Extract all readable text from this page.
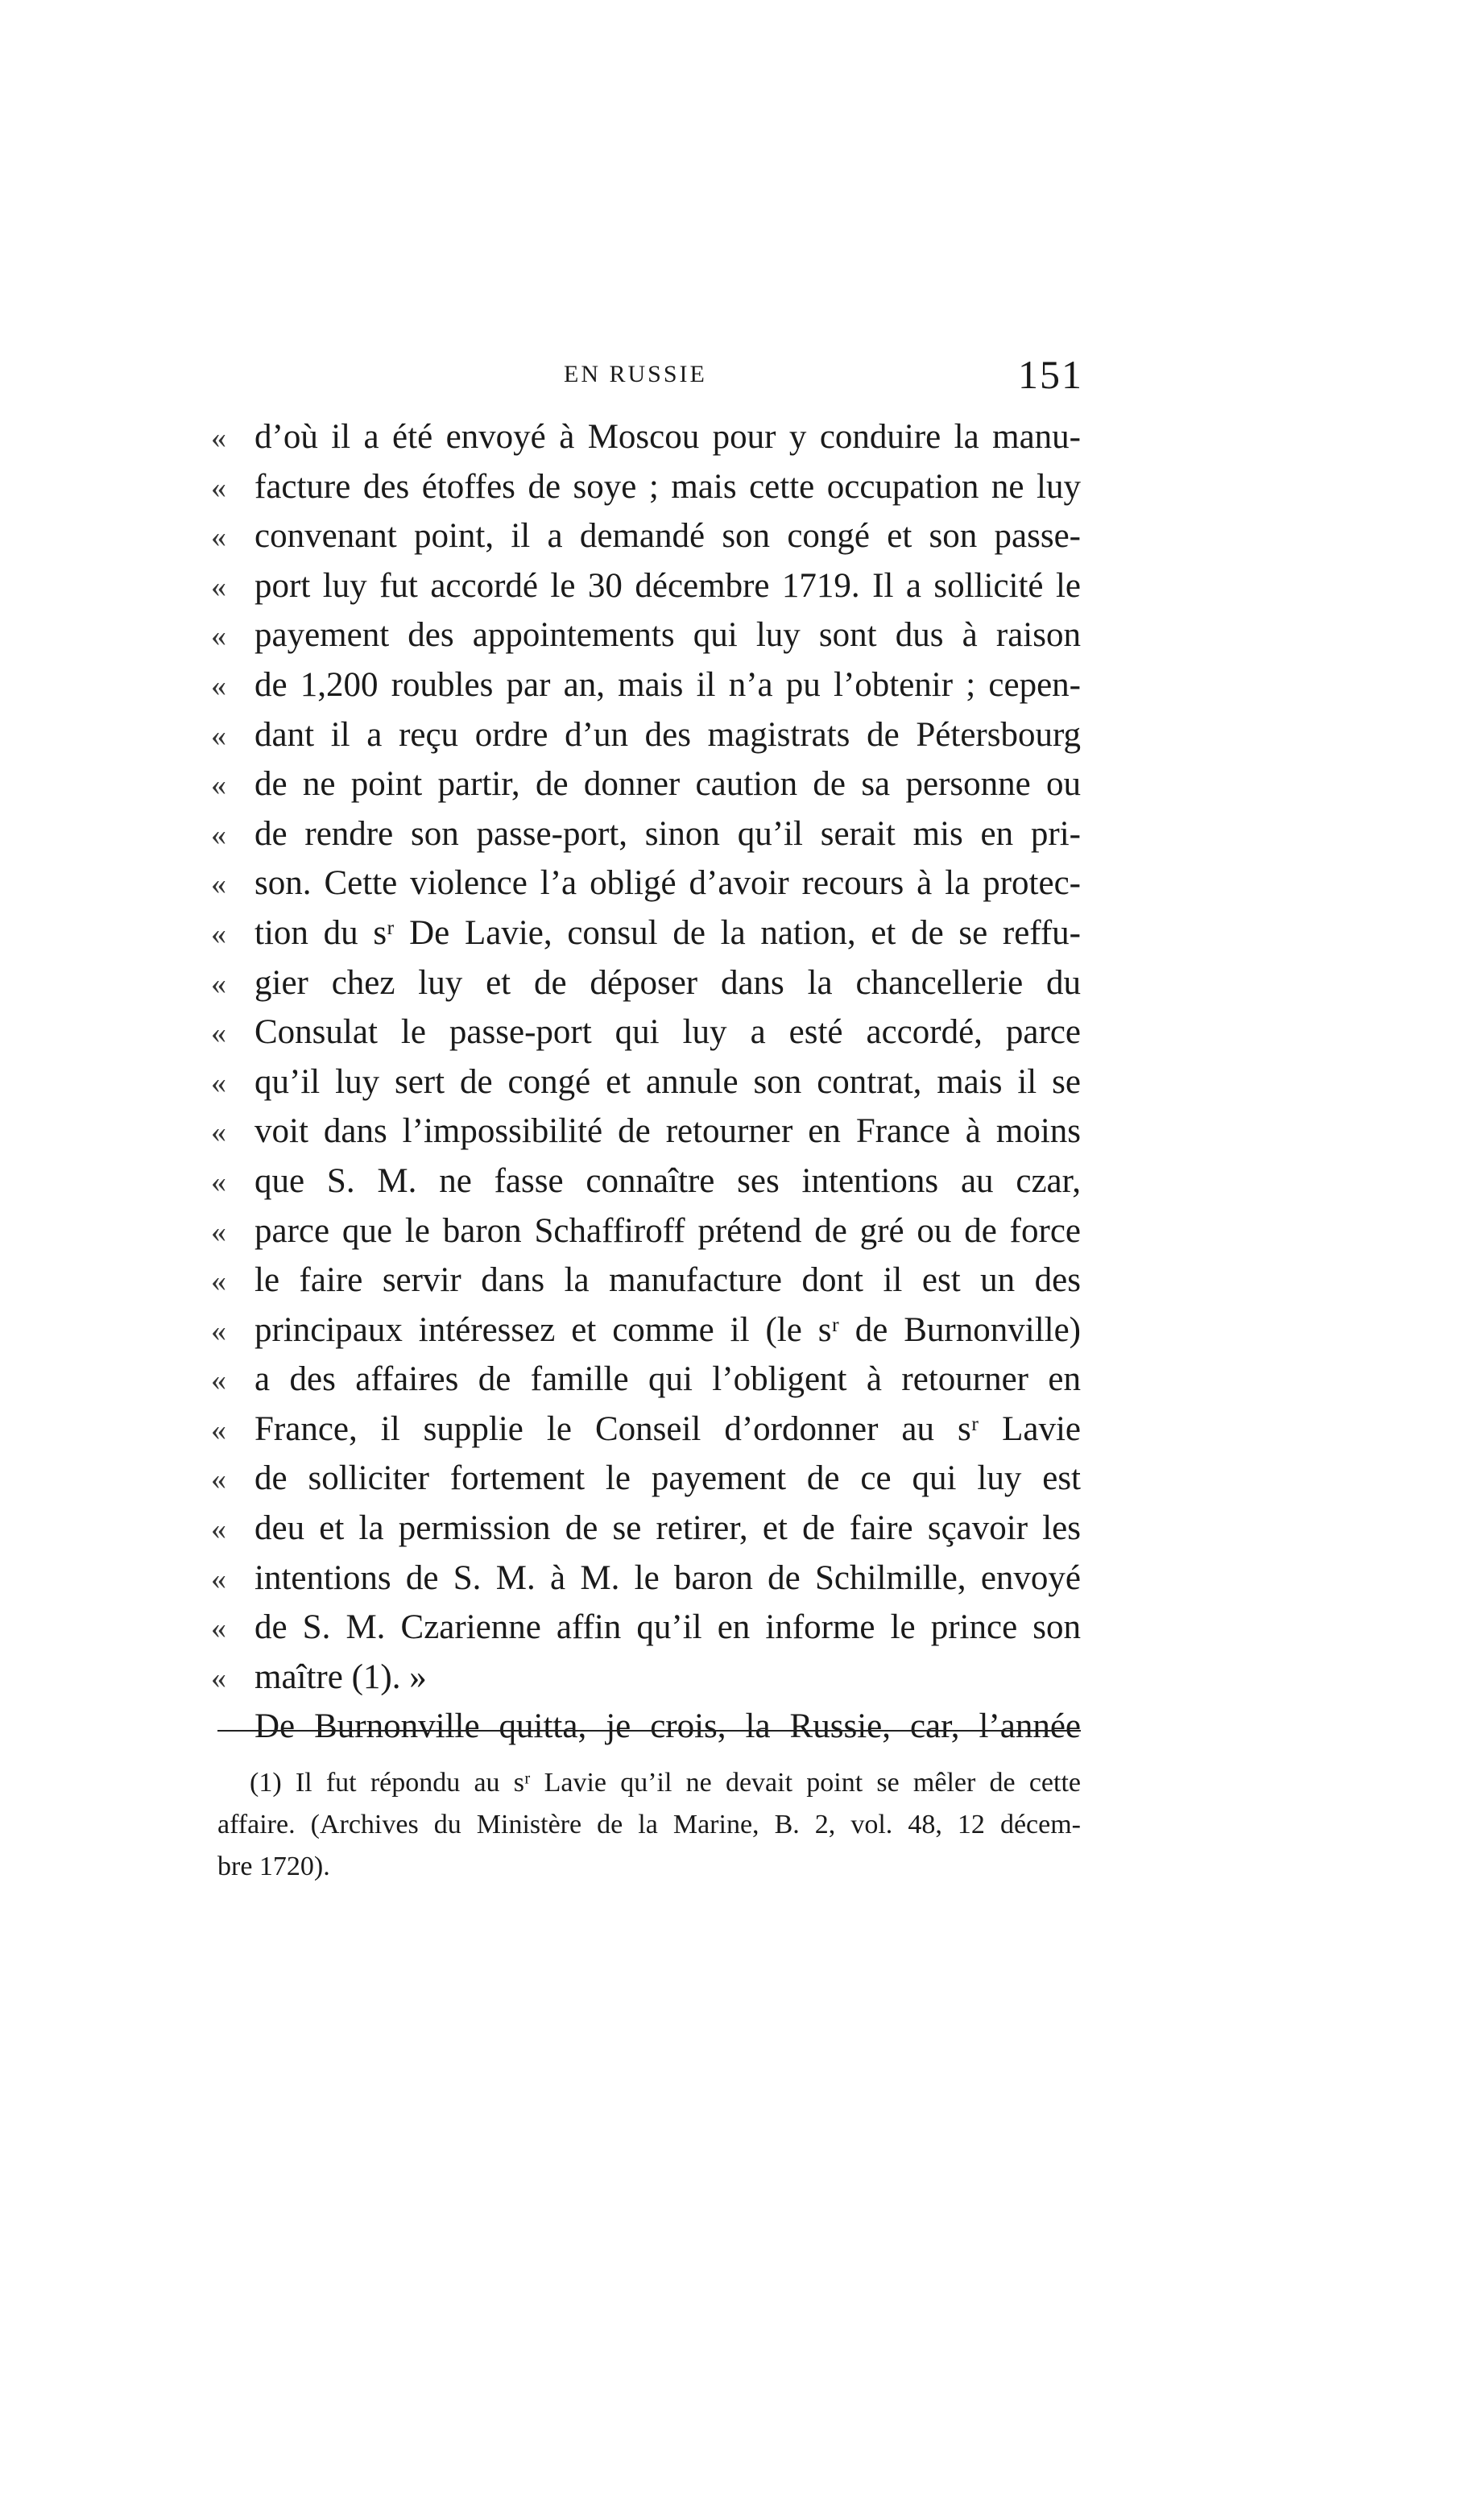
EN RUSSIE	151
« d’où il a été envoyé à Moscou pour y conduire la manu-
« facture des étoffes de soye ; mais cette occupation ne luy
« convenant point, il a demandé son congé et son passe-
« port luy fut accordé le 30 décembre 1719. Il a sollicité le
« payement des appointements qui luy sont dus à raison
« de 1,200 roubles par an, mais il n’a pu l’obtenir ; cepen-
« dant il a reçu ordre d’un des magistrats de Pétersbourg
« de ne point partir, de donner caution de sa personne ou
« de rendre son passe-port, sinon qu’il serait mis en pri-
« son. Cette violence l’a obligé d’avoir recours à la protec-
« tion du sʳ De Lavie, consul de la nation, et de se reffu-
« gier chez luy et de déposer dans la chancellerie du
« Consulat le passe-port qui luy a esté accordé, parce
« qu’il luy sert de congé et annule son contrat, mais il se
« voit dans l’impossibilité de retourner en France à moins
« que S. M. ne fasse connaître ses intentions au czar,
« parce que le baron Schaffiroff prétend de gré ou de force
« le faire servir dans la manufacture dont il est un des
« principaux intéressez et comme il (le sʳ de Burnonville)
« a des affaires de famille qui l’obligent à retourner en
« France, il supplie le Conseil d’ordonner au sʳ Lavie
« de solliciter fortement le payement de ce qui luy est
« deu et la permission de se retirer, et de faire sçavoir les
« intentions de S. M. à M. le baron de Schilmille, envoyé
« de S. M. Czarienne affin qu’il en informe le prince son
« maître (1). »
De Burnonville quitta, je crois, la Russie, car, l’année
(1) Il fut répondu au sʳ Lavie qu’il ne devait point se mêler de cette
affaire. (Archives du Ministère de la Marine, B. 2, vol. 48, 12 décem-
bre 1720).
